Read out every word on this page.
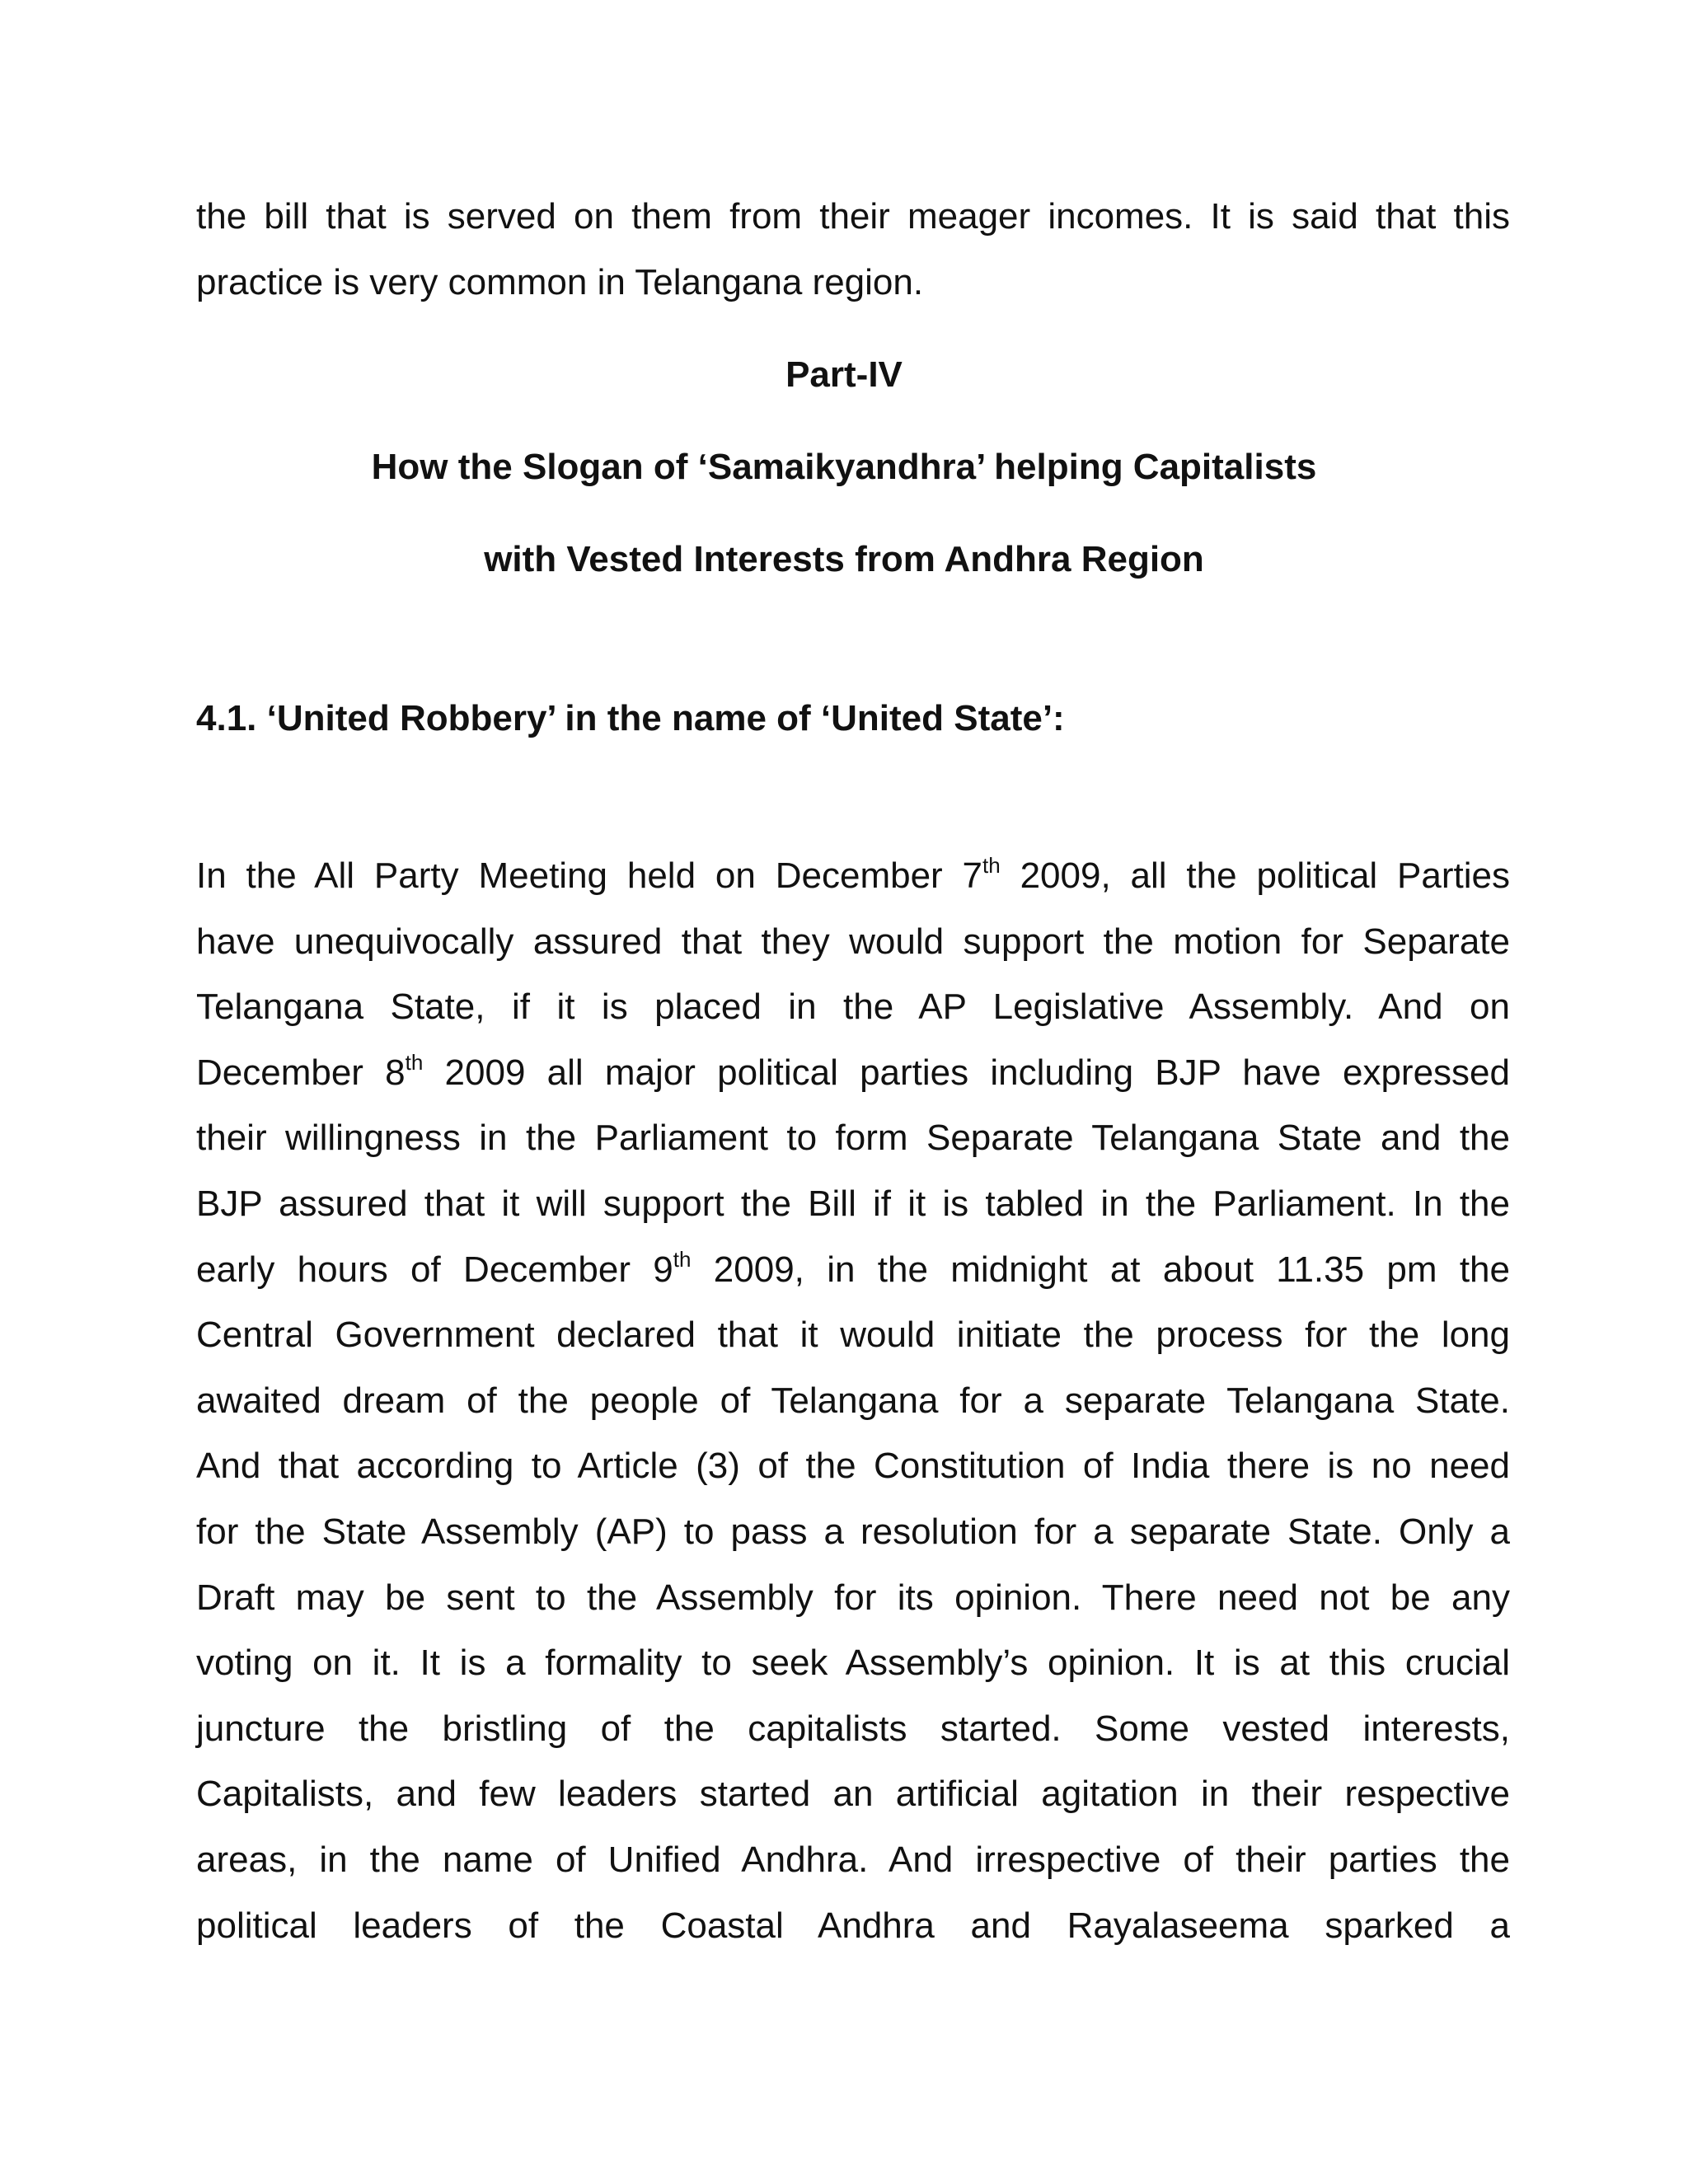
the bill that is served on them from their meager incomes. It is said that this
practice is very common in Telangana region.
Part-IV
How the Slogan of ‘Samaikyandhra’ helping Capitalists
with Vested Interests from Andhra Region
4.1. ‘United Robbery’ in the name of ‘United State’:
In the All Party Meeting held on December 7th 2009, all the political Parties
have unequivocally assured that they would support the motion for Separate
Telangana State, if it is placed in the AP Legislative Assembly. And on
December 8th 2009 all major political parties including BJP have expressed
their willingness in the Parliament to form Separate Telangana State and the
BJP assured that it will support the Bill if it is tabled in the Parliament. In the
early hours of December 9th 2009, in the midnight at about 11.35 pm the
Central Government declared that it would initiate the process for the long
awaited dream of the people of Telangana for a separate Telangana State.
And that according to Article (3) of the Constitution of India there is no need
for the State Assembly (AP) to pass a resolution for a separate State. Only a
Draft may be sent to the Assembly for its opinion. There need not be any
voting on it. It is a formality to seek Assembly’s opinion. It is at this crucial
juncture the bristling of the capitalists started. Some vested interests,
Capitalists, and few leaders started an artificial agitation in their respective
areas, in the name of Unified Andhra. And irrespective of their parties the
political leaders of the Coastal Andhra and Rayalaseema sparked a
